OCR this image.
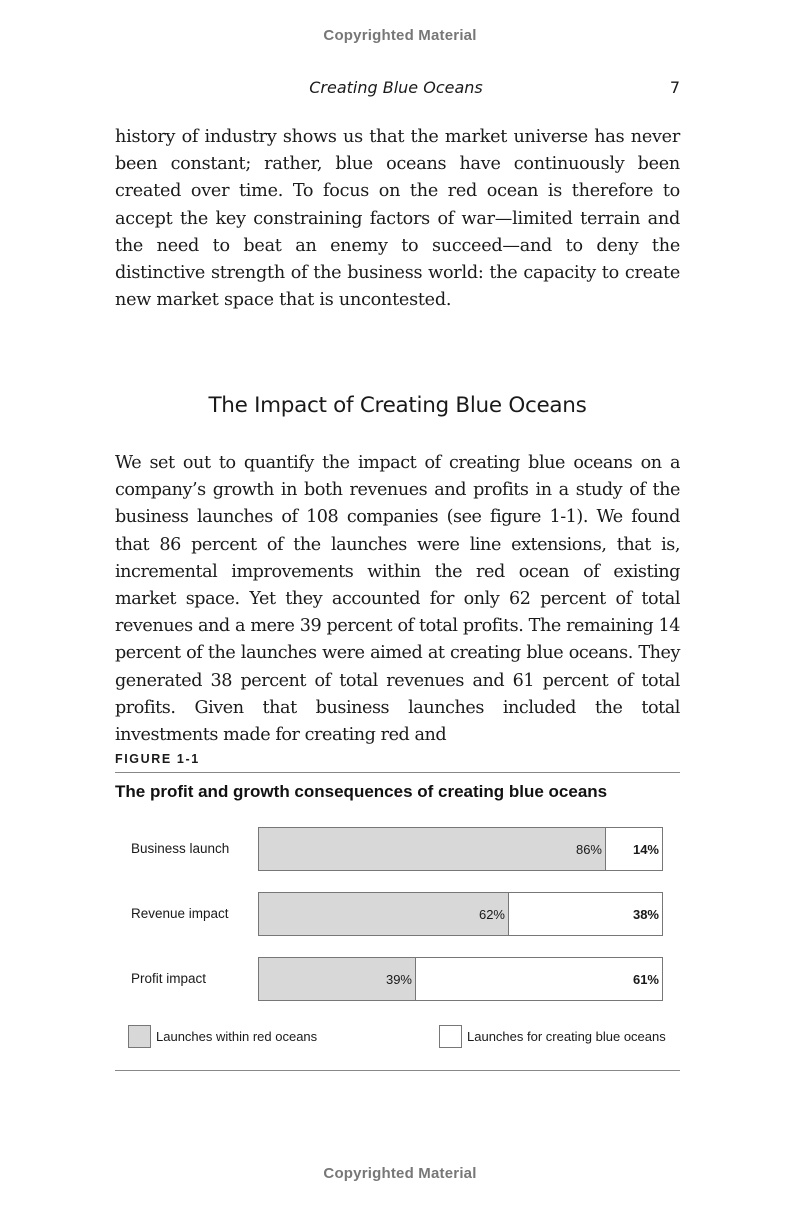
Copyrighted Material
Creating Blue Oceans	7

history of industry shows us that the market universe has never been constant; rather, blue oceans have continuously been created over time. To focus on the red ocean is therefore to accept the key constraining factors of war—limited terrain and the need to beat an enemy to succeed—and to deny the distinctive strength of the business world: the capacity to create new market space that is uncontested.

The Impact of Creating Blue Oceans

We set out to quantify the impact of creating blue oceans on a company’s growth in both revenues and profits in a study of the business launches of 108 companies (see figure 1-1). We found that 86 percent of the launches were line extensions, that is, incremental improvements within the red ocean of existing market space. Yet they accounted for only 62 percent of total revenues and a mere 39 percent of total profits. The remaining 14 percent of the launches were aimed at creating blue oceans. They generated 38 percent of total revenues and 61 percent of total profits. Given that business launches included the total investments made for creating red and

FIGURE 1-1
The profit and growth consequences of creating blue oceans
Business launch	86% 14%
Revenue impact	62%	38%
Profit impact	39%	61%
Launches within red oceans	Launches for creating blue oceans
Copyrighted Material
